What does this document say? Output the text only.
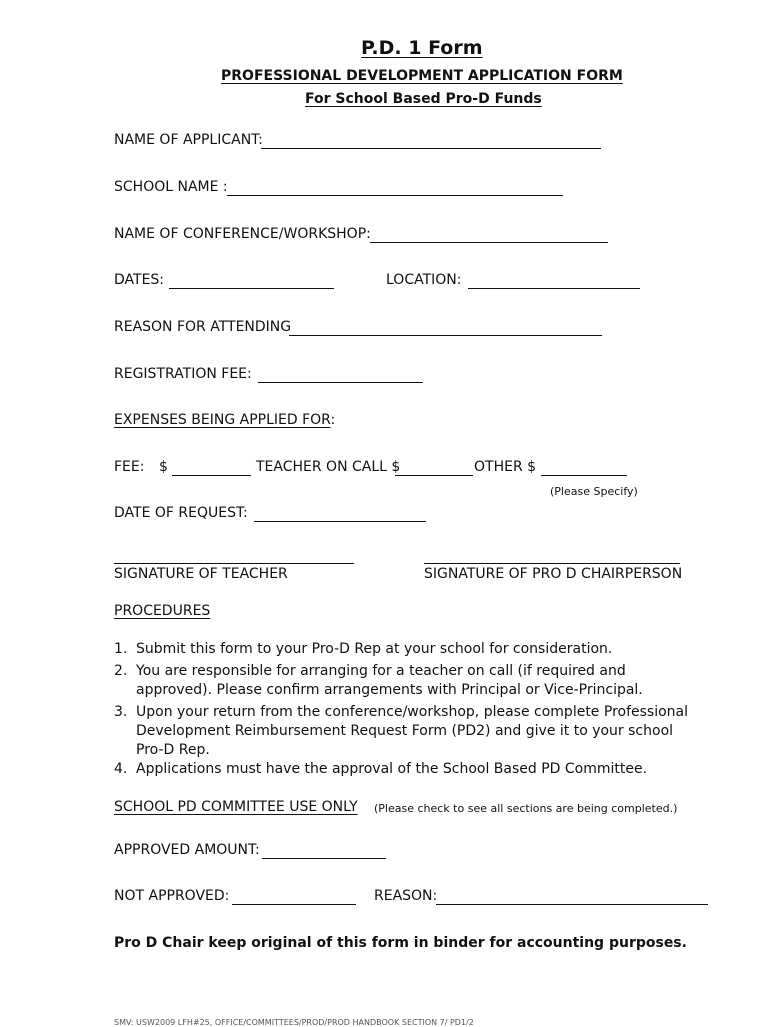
P.D. 1 Form
PROFESSIONAL DEVELOPMENT APPLICATION FORM
For School Based Pro-D Funds
NAME OF APPLICANT:
SCHOOL NAME :
NAME OF CONFERENCE/WORKSHOP:
DATES:	LOCATION:
REASON FOR ATTENDING
REGISTRATION FEE:
EXPENSES BEING APPLIED FOR:
FEE: $	TEACHER ON CALL $	OTHER $
(Please Specify)
DATE OF REQUEST:
SIGNATURE OF TEACHER	SIGNATURE OF PRO D CHAIRPERSON
PROCEDURES
1. Submit this form to your Pro-D Rep at your school for consideration.
2. You are responsible for arranging for a teacher on call (if required and approved). Please confirm arrangements with Principal or Vice-Principal.
3. Upon your return from the conference/workshop, please complete Professional Development Reimbursement Request Form (PD2) and give it to your school Pro-D Rep.
4. Applications must have the approval of the School Based PD Committee.
SCHOOL PD COMMITTEE USE ONLY (Please check to see all sections are being completed.)
APPROVED AMOUNT:
NOT APPROVED:	REASON:
Pro D Chair keep original of this form in binder for accounting purposes.
SMV: USW2009 LFH#25, OFFICE/COMMITTEES/PROD/PROD HANDBOOK SECTION 7/ PD1/2
